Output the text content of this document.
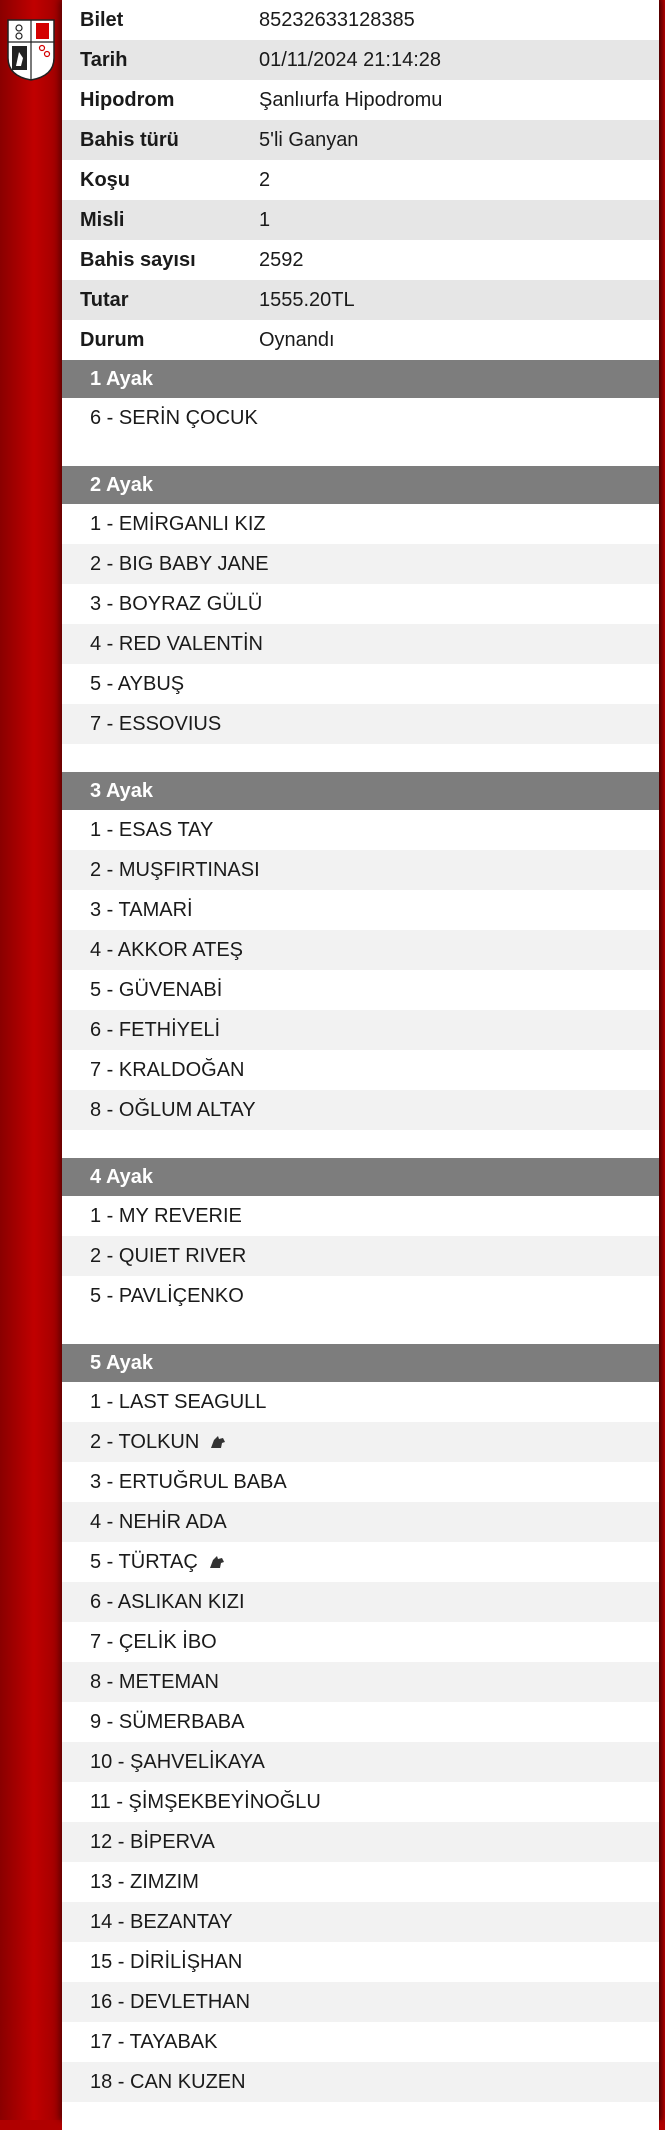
Bilet	85232633128385
Tarih	01/11/2024 21:14:28
Hipodrom	Şanlıurfa Hipodromu
Bahis türü	5'li Ganyan
Koşu	2
Misli	1
Bahis sayısı	2592
Tutar	1555.20TL
Durum	Oynandı
1 Ayak
6 - SERİN ÇOCUK
2 Ayak
1 - EMİRGANLI KIZ
2 - BIG BABY JANE
3 - BOYRAZ GÜLÜ
4 - RED VALENTİN
5 - AYBUŞ
7 - ESSOVIUS
3 Ayak
1 - ESAS TAY
2 - MUŞFIRTINASI
3 - TAMARİ
4 - AKKOR ATEŞ
5 - GÜVENABİ
6 - FETHİYELİ
7 - KRALDOĞAN
8 - OĞLUM ALTAY
4 Ayak
1 - MY REVERIE
2 - QUIET RIVER
5 - PAVLİÇENKO
5 Ayak
1 - LAST SEAGULL
2 - TOLKUN
3 - ERTUĞRUL BABA
4 - NEHİR ADA
5 - TÜRTAÇ
6 - ASLIKAN KIZI
7 - ÇELİK İBO
8 - METEMAN
9 - SÜMERBABA
10 - ŞAHVELİKAYA
11 - ŞİMŞEKBEYİNOĞLU
12 - BİPERVA
13 - ZIMZIM
14 - BEZANTAY
15 - DİRİLİŞHAN
16 - DEVLETHAN
17 - TAYABAK
18 - CAN KUZEN
